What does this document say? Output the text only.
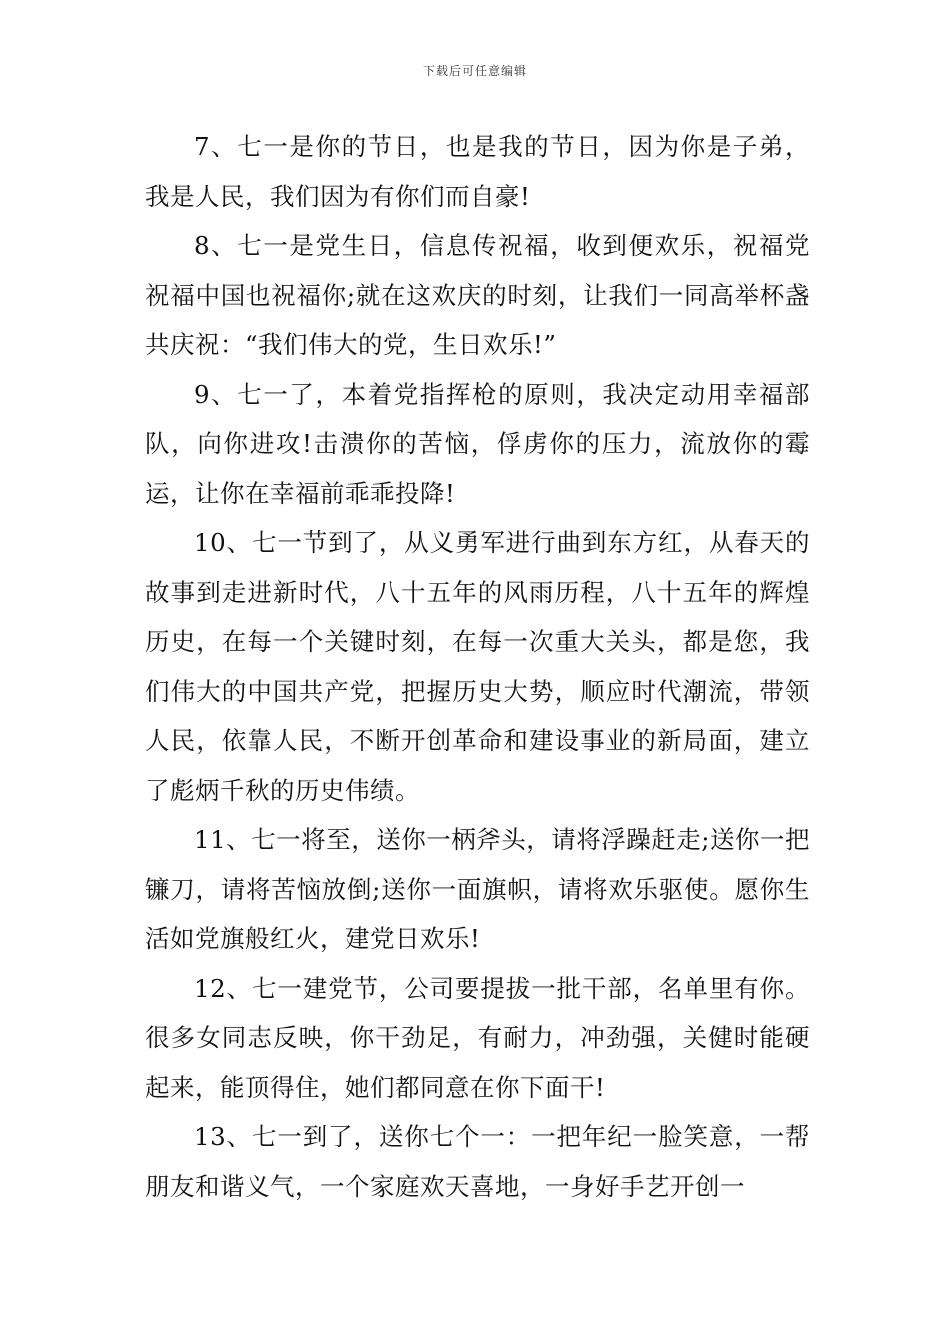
下载后可任意编辑

7、七一是你的节日，也是我的节日，因为你是子弟，我是人民，我们因为有你们而自豪!

8、七一是党生日，信息传祝福，收到便欢乐，祝福党祝福中国也祝福你;就在这欢庆的时刻，让我们一同高举杯盏共庆祝：“我们伟大的党，生日欢乐!”

9、七一了，本着党指挥枪的原则，我决定动用幸福部队，向你进攻!击溃你的苦恼，俘虏你的压力，流放你的霉运，让你在幸福前乖乖投降!

10、七一节到了，从义勇军进行曲到东方红，从春天的故事到走进新时代，八十五年的风雨历程，八十五年的辉煌历史，在每一个关键时刻，在每一次重大关头，都是您，我们伟大的中国共产党，把握历史大势，顺应时代潮流，带领人民，依靠人民，不断开创革命和建设事业的新局面，建立了彪炳千秋的历史伟绩。

11、七一将至，送你一柄斧头，请将浮躁赶走;送你一把镰刀，请将苦恼放倒;送你一面旗帜，请将欢乐驱使。愿你生活如党旗般红火，建党日欢乐!

12、七一建党节，公司要提拔一批干部，名单里有你。很多女同志反映，你干劲足，有耐力，冲劲强，关健时能硬起来，能顶得住，她们都同意在你下面干!

13、七一到了，送你七个一：一把年纪一脸笑意，一帮朋友和谐义气，一个家庭欢天喜地，一身好手艺开创一
